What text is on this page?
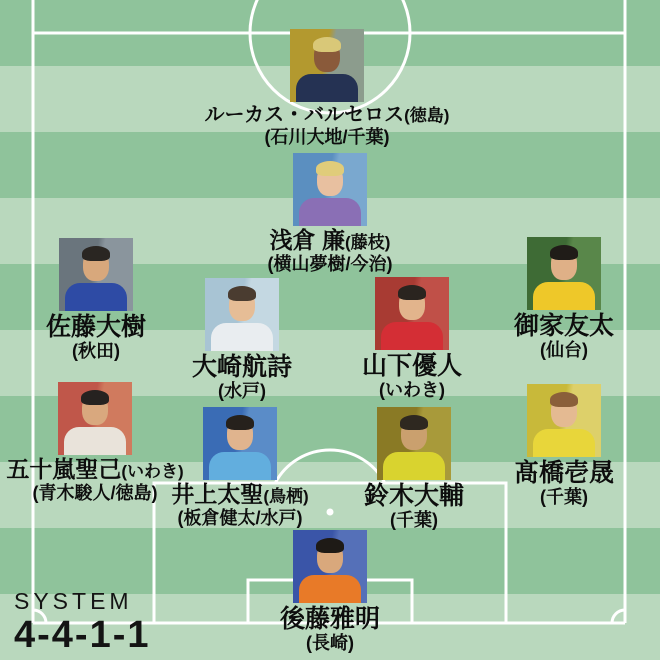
ルーカス・バルセロス(徳島)
(石川大地/千葉)
浅倉 廉(藤枝)
(横山夢樹/今治)
佐藤大樹
(秋田)
大崎航詩
(水戸)
山下優人
(いわき)
御家友太
(仙台)
五十嵐聖己(いわき)
(青木駿人/徳島) 井上太聖(鳥栖)
(板倉健太/水戸)
鈴木大輔
(千葉)
髙橋壱晟
(千葉)
後藤雅明
(長崎)
SYSTEM
4-4-1-1
